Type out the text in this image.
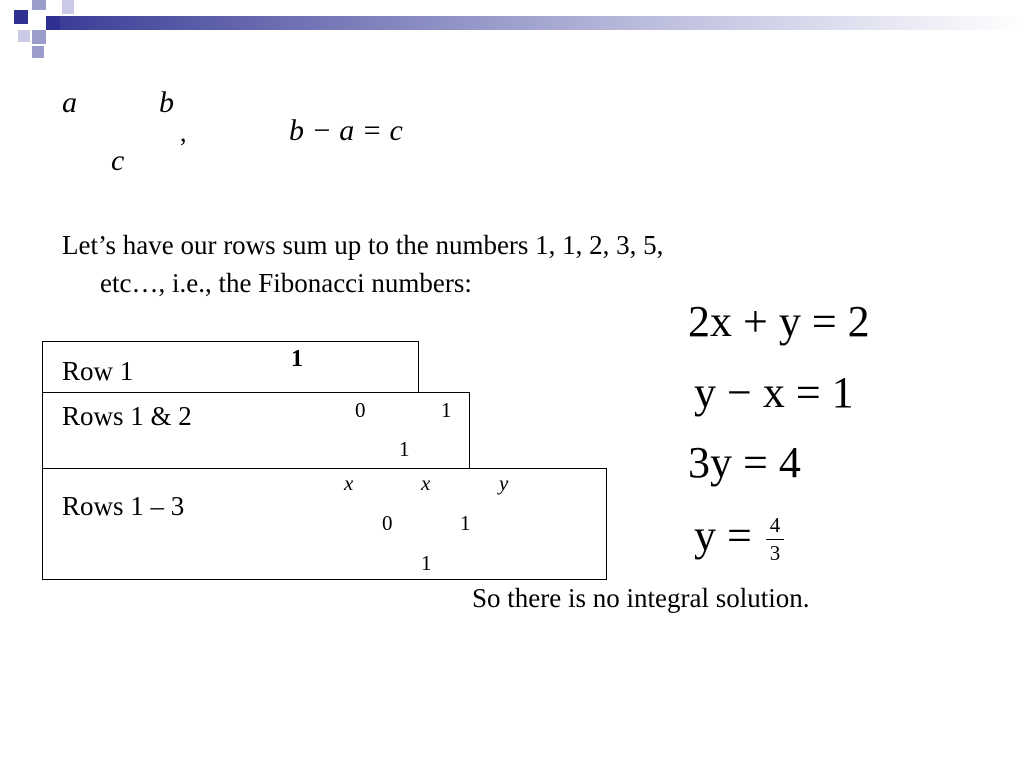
a	b
,
c
b − a = c
Let’s have our rows sum up to the numbers 1, 1, 2, 3, 5,
etc…, i.e., the Fibonacci numbers:
Row 1	1
Rows 1 & 2	0	1
1
Rows 1 – 3
x	x	y
0	1
1
2x + y = 2
y − x = 1
3y = 4
y = 4
3
So there is no integral solution.
